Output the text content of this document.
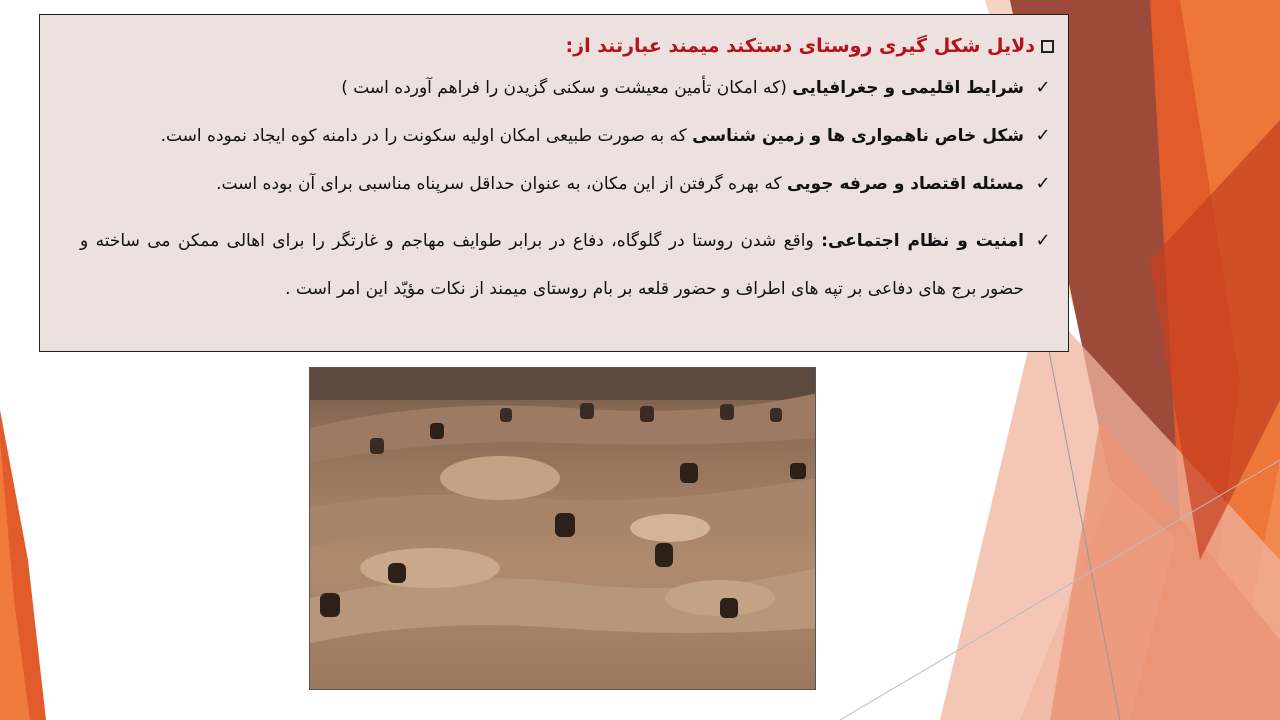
دلایل شکل گیری روستای دستکند میمند عبارتند از:
✓
شرایط اقلیمی و جغرافیایی (که امکان تأمین معیشت و سکنی گزیدن را فراهم آورده است )
✓
شکل خاص ناهمواری ها و زمین شناسی که به صورت طبیعی امکان اولیه سکونت را در دامنه کوه ایجاد نموده است.
✓
مسئله اقتصاد و صرفه جویی که بهره گرفتن از این مکان، به عنوان حداقل سرپناه مناسبی برای آن بوده است.
✓
امنیت و نظام اجتماعی: واقع شدن روستا در گلوگاه، دفاع در برابر طوایف مهاجم و غارتگر را برای اهالی ممکن می ساخته و حضور برج های دفاعی بر تپه های اطراف و حضور قلعه بر بام روستای میمند از نکات مؤیّد این امر است .
